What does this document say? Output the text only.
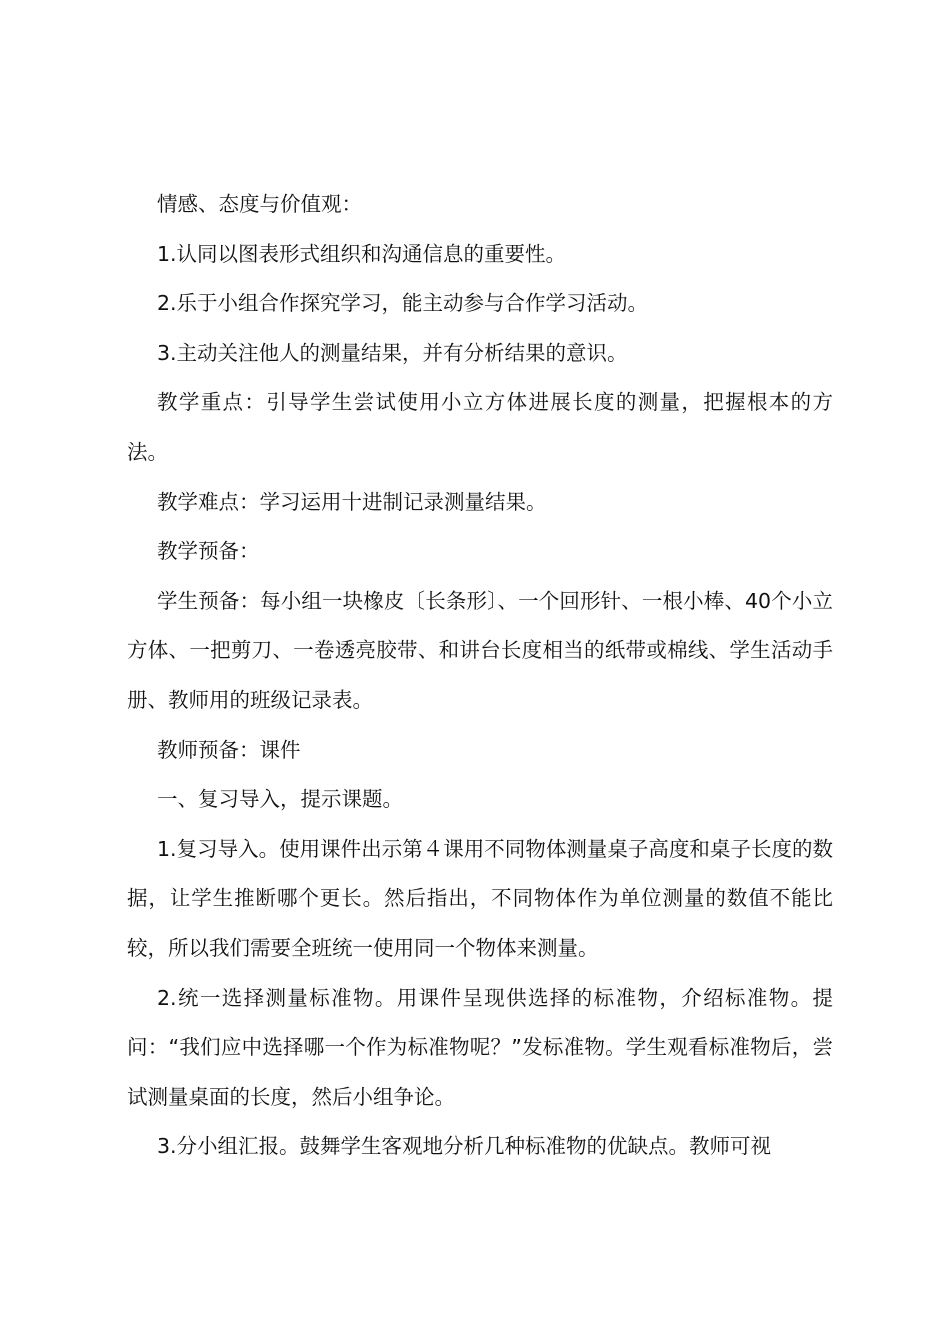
情感、态度与价值观：

1.认同以图表形式组织和沟通信息的重要性。

2.乐于小组合作探究学习，能主动参与合作学习活动。

3.主动关注他人的测量结果，并有分析结果的意识。

教学重点：引导学生尝试使用小立方体进展长度的测量，把握根本的方法。

教学难点：学习运用十进制记录测量结果。

教学预备：

学生预备：每小组一块橡皮〔长条形〕、一个回形针、一根小棒、40个小立方体、一把剪刀、一卷透亮胶带、和讲台长度相当的纸带或棉线、学生活动手册、教师用的班级记录表。

教师预备：课件

一、复习导入，提示课题。

1.复习导入。使用课件出示第４课用不同物体测量桌子高度和桌子长度的数据，让学生推断哪个更长。然后指出，不同物体作为单位测量的数值不能比较，所以我们需要全班统一使用同一个物体来测量。

2.统一选择测量标准物。用课件呈现供选择的标准物，介绍标准物。提问：“我们应中选择哪一个作为标准物呢？”发标准物。学生观看标准物后，尝试测量桌面的长度，然后小组争论。

3.分小组汇报。鼓舞学生客观地分析几种标准物的优缺点。教师可视
